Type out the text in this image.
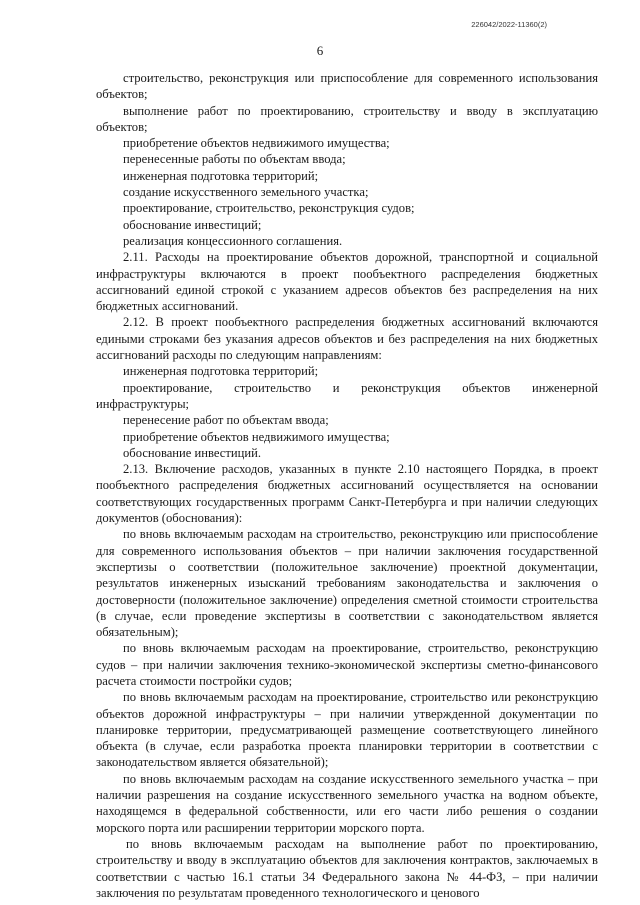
226042/2022-11360(2)
6

строительство, реконструкция или приспособление для современного использования объектов;

выполнение работ по проектированию, строительству и вводу в эксплуатацию объектов;

приобретение объектов недвижимого имущества;

перенесенные работы по объектам ввода;

инженерная подготовка территорий;

создание искусственного земельного участка;

проектирование, строительство, реконструкция судов;

обоснование инвестиций;

реализация концессионного соглашения.

2.11. Расходы на проектирование объектов дорожной, транспортной и социальной инфраструктуры включаются в проект пообъектного распределения бюджетных ассигнований единой строкой с указанием адресов объектов без распределения на них бюджетных ассигнований.

2.12. В проект пообъектного распределения бюджетных ассигнований включаются едиными строками без указания адресов объектов и без распределения на них бюджетных ассигнований расходы по следующим направлениям:

инженерная подготовка территорий;

проектирование, строительство и реконструкция объектов инженерной инфраструктуры;

перенесение работ по объектам ввода;

приобретение объектов недвижимого имущества;

обоснование инвестиций.

2.13. Включение расходов, указанных в пункте 2.10 настоящего Порядка, в проект пообъектного распределения бюджетных ассигнований осуществляется на основании соответствующих государственных программ Санкт-Петербурга и при наличии следующих документов (обоснования):

по вновь включаемым расходам на строительство, реконструкцию или приспособление для современного использования объектов – при наличии заключения государственной экспертизы о соответствии (положительное заключение) проектной документации, результатов инженерных изысканий требованиям законодательства и заключения о достоверности (положительное заключение) определения сметной стоимости строительства (в случае, если проведение экспертизы в соответствии с законодательством является обязательным);

по вновь включаемым расходам на проектирование, строительство, реконструкцию судов – при наличии заключения технико-экономической экспертизы сметно-финансового расчета стоимости постройки судов;

по вновь включаемым расходам на проектирование, строительство или реконструкцию объектов дорожной инфраструктуры – при наличии утвержденной документации по планировке территории, предусматривающей размещение соответствующего линейного объекта (в случае, если разработка проекта планировки территории в соответствии с законодательством является обязательной);

по вновь включаемым расходам на создание искусственного земельного участка – при наличии разрешения на создание искусственного земельного участка на водном объекте, находящемся в федеральной собственности, или его части либо решения о создании морского порта или расширении территории морского порта.

по вновь включаемым расходам на выполнение работ по проектированию, строительству и вводу в эксплуатацию объектов для заключения контрактов, заключаемых в соответствии с частью 16.1 статьи 34 Федерального закона № 44-ФЗ, – при наличии заключения по результатам проведенного технологического и ценового
